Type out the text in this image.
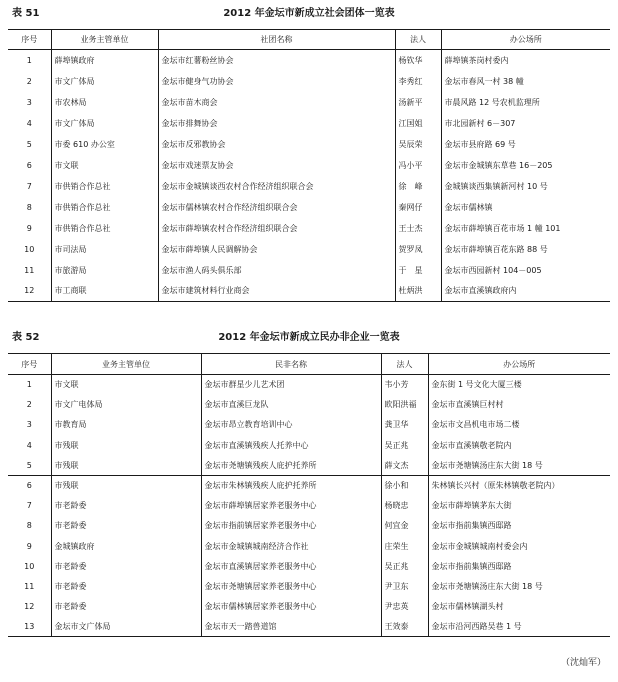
表 51	2012 年金坛市新成立社会团体一览表
序号	业务主管单位	社团名称	法人	办公场所
1	薛埠镇政府	金坛市红薯粉丝协会	杨钦华	薛埠镇茶岗村委内
2	市文广体局	金坛市健身气功协会	李秀红	金坛市春风一村 38 幢
3	市农林局	金坛市苗木商会	汤新平	市晨风路 12 号农机监理所
4	市文广体局	金坛市排舞协会	江国姐	市北园新村 6－307
5	市委 610 办公室	金坛市反邪教协会	吴辰荣	金坛市县府路 69 号
6	市文联	金坛市戏迷票友协会	冯小平	金坛市金城镇东草巷 16－205
7	市供销合作总社	金坛市金城镇谈西农村合作经济组织联合会	徐　峰	金城镇谈西集镇新河村 10 号
8	市供销合作总社	金坛市儒林镇农村合作经济组织联合会	秦网仔	金坛市儒林镇
9	市供销合作总社	金坛市薛埠镇农村合作经济组织联合会	王士杰	金坛市薛埠镇百花市场 1 幢 101
10	市司法局	金坛市薛埠镇人民调解协会	贺罗凤	金坛市薛埠镇百花东路 88 号
11	市旅游局	金坛市渔人码头俱乐部	于　星	金坛市西园新村 104－005
12	市工商联	金坛市建筑材料行业商会	杜炳洪	金坛市直溪镇政府内
表 52	2012 年金坛市新成立民办非企业一览表
序号	业务主管单位	民非名称	法人	办公场所
1	市文联	金坛市群星少儿艺术团	韦小芳	金东街 1 号文化大厦三楼
2	市文广电体局	金坛市直溪巨龙队	欧阳洪福	金坛市直溪镇巨村村
3	市教育局	金坛市昂立教育培训中心	龚卫华	金坛市文昌机电市场二楼
4	市残联	金坛市直溪镇残疾人托养中心	吴正兆	金坛市直溪镇敬老院内
5	市残联	金坛市尧塘镇残疾人庇护托养所	薛文杰	金坛市尧塘镇汤庄东大街 18 号
6	市残联	金坛市朱林镇残疾人庇护托养所	徐小和	朱林镇长兴村（原朱林镇敬老院内）
7	市老龄委	金坛市薛埠镇居家养老服务中心	杨晓忠	金坛市薛埠镇茅东大街
8	市老龄委	金坛市指前镇居家养老服务中心	何宜金	金坛市指前集镇西邸路
9	金城镇政府	金坛市金城镇城南经济合作社	庄荣生	金坛市金城镇城南村委会内
10	市老龄委	金坛市直溪镇居家养老服务中心	吴正兆	金坛市指前集镇西邸路
11	市老龄委	金坛市尧塘镇居家养老服务中心	尹卫东	金坛市尧塘镇汤庄东大街 18 号
12	市老龄委	金坛市儒林镇居家养老服务中心	尹忠英	金坛市儒林镇湖头村
13	金坛市文广体局	金坛市天一踏兽道馆	王效泰	金坛市沿河西路吴巷 1 号
（沈灿军）
